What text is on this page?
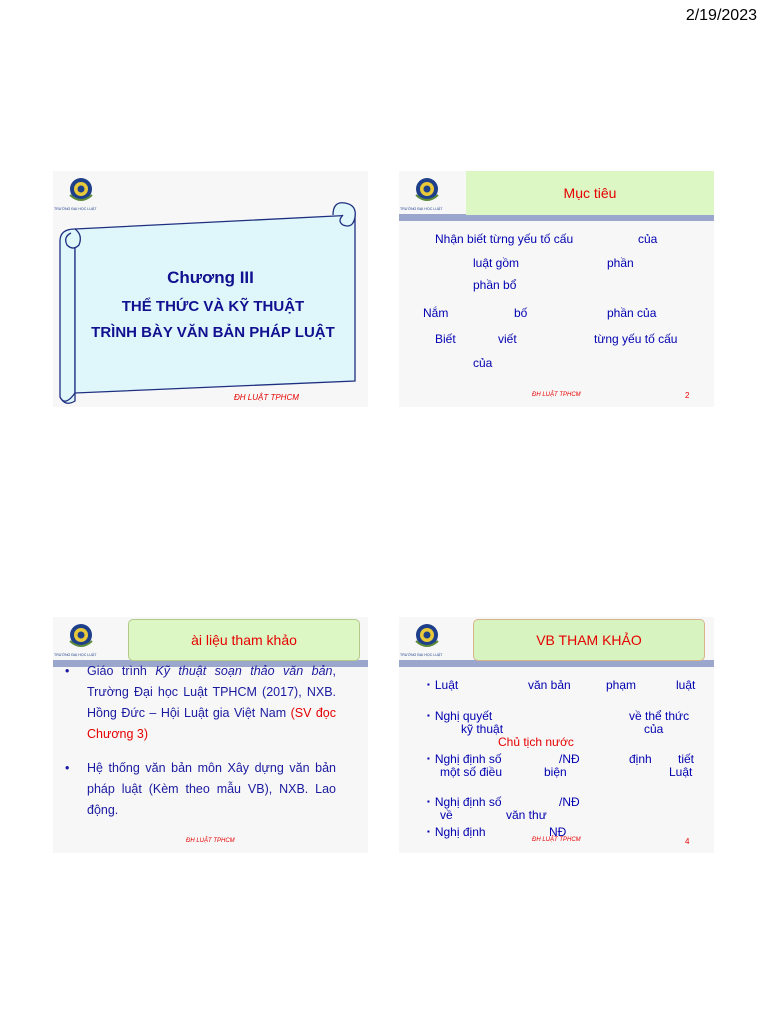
2/19/2023
TRƯỜNG ĐẠI HỌC LUẬT
Chương III
THỂ THỨC VÀ KỸ THUẬT
TRÌNH BÀY VĂN BẢN PHÁP LUẬT
ĐH LUẬT TPHCM
TRƯỜNG ĐẠI HỌC LUẬT
Mục tiêu
Nhận biết từng yếu tố cấu	của
luật gồm	phần
phần bổ
Nắm	bố	phần của
Biết	viết	từng yếu tố cấu
của
ĐH LUẬT TPHCM	2
TRƯỜNG ĐẠI HỌC LUẬT
ài liệu tham khảo
• Giáo trình Kỹ thuật soạn thảo văn bản, Trường Đại học Luật TPHCM (2017), NXB. Hồng Đức – Hội Luật gia Việt Nam (SV đọc Chương 3)
• Hệ thống văn bản môn Xây dựng văn bản pháp luật (Kèm theo mẫu VB), NXB. Lao động.
ĐH LUẬT TPHCM
TRƯỜNG ĐẠI HỌC LUẬT
VB THAM KHẢO
▪ Luật	văn bản	phạm	luật
▪ Nghị quyết	về thể thức
kỹ thuật	của
Chủ tịch nước
▪ Nghị định số	/NĐ	định tiết
một số điều	biện	Luật
▪ Nghị định số	/NĐ
về	văn thư
▪ Nghị định	NĐ
ĐH LUẬT TPHCM	4
